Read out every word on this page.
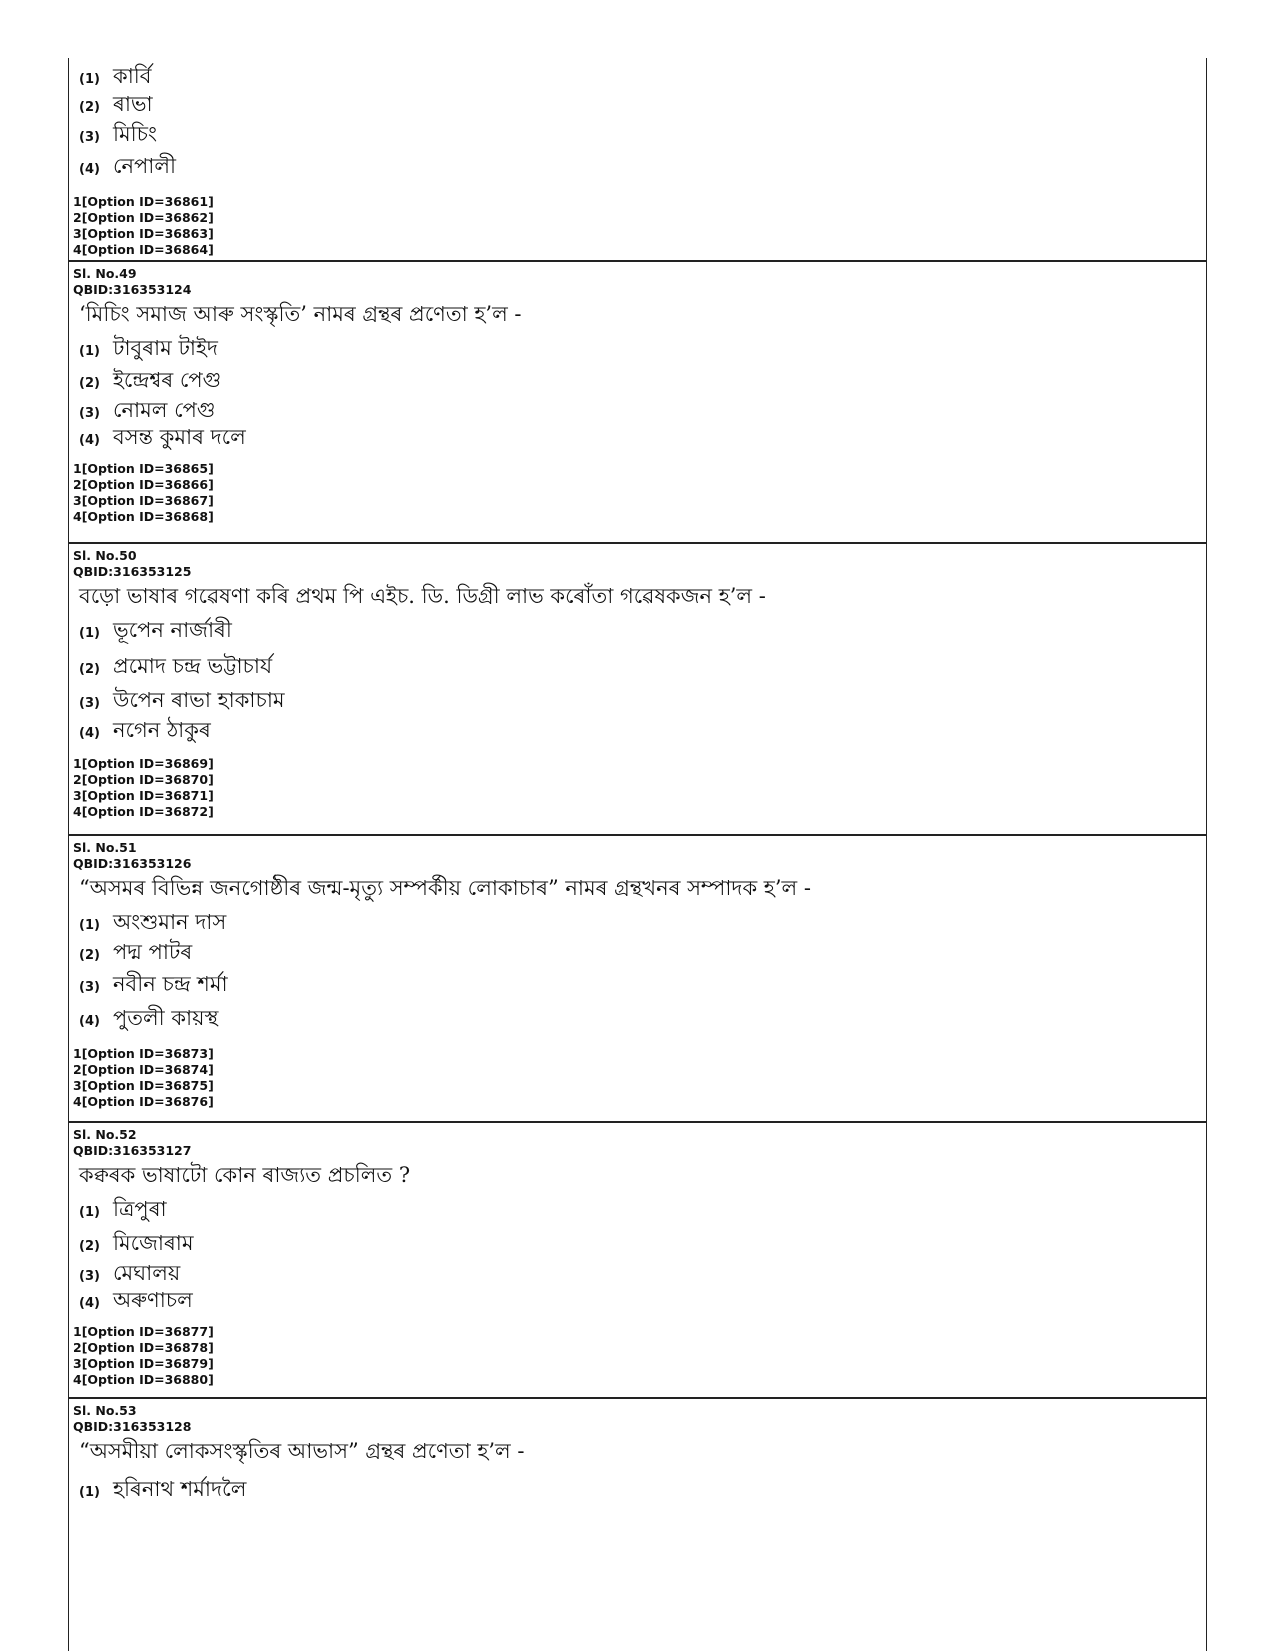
(1) কাৰ্বি
(2) ৰাভা
(3) মিচিং
(4) নেপালী
1[Option ID=36861]
2[Option ID=36862]
3[Option ID=36863]
4[Option ID=36864]
Sl. No.49
QBID:316353124
‘মিচিং সমাজ আৰু সংস্কৃতি’ নামৰ গ্ৰন্থৰ প্ৰণেতা হ’ল -
(1) টাবুৰাম টাইদ
(2) ইন্দ্ৰেশ্বৰ পেগু
(3) নোমল পেগু
(4) বসন্ত কুমাৰ দলে
1[Option ID=36865]
2[Option ID=36866]
3[Option ID=36867]
4[Option ID=36868]
Sl. No.50
QBID:316353125
বড়ো ভাষাৰ গৱেষণা কৰি প্ৰথম পি এইচ. ডি. ডিগ্ৰী লাভ কৰোঁতা গৱেষকজন হ’ল -
(1) ভূপেন নাৰ্জাৰী
(2) প্ৰমোদ চন্দ্ৰ ভট্টাচাৰ্য
(3) উপেন ৰাভা হাকাচাম
(4) নগেন ঠাকুৰ
1[Option ID=36869]
2[Option ID=36870]
3[Option ID=36871]
4[Option ID=36872]
Sl. No.51
QBID:316353126
“অসমৰ বিভিন্ন জনগোষ্ঠীৰ জন্ম-মৃত্যু সম্পৰ্কীয় লোকাচাৰ” নামৰ গ্ৰন্থখনৰ সম্পাদক হ’ল -
(1) অংশুমান দাস
(2) পদ্ম পাটৰ
(3) নবীন চন্দ্ৰ শৰ্মা
(4) পুতলী কায়স্থ
1[Option ID=36873]
2[Option ID=36874]
3[Option ID=36875]
4[Option ID=36876]
Sl. No.52
QBID:316353127
কক্বৰক ভাষাটো কোন ৰাজ্যত প্ৰচলিত ?
(1) ত্ৰিপুৰা
(2) মিজোৰাম
(3) মেঘালয়
(4) অৰুণাচল
1[Option ID=36877]
2[Option ID=36878]
3[Option ID=36879]
4[Option ID=36880]
Sl. No.53
QBID:316353128
“অসমীয়া লোকসংস্কৃতিৰ আভাস” গ্ৰন্থৰ প্ৰণেতা হ’ল -
(1) হৰিনাথ শৰ্মাদলৈ
